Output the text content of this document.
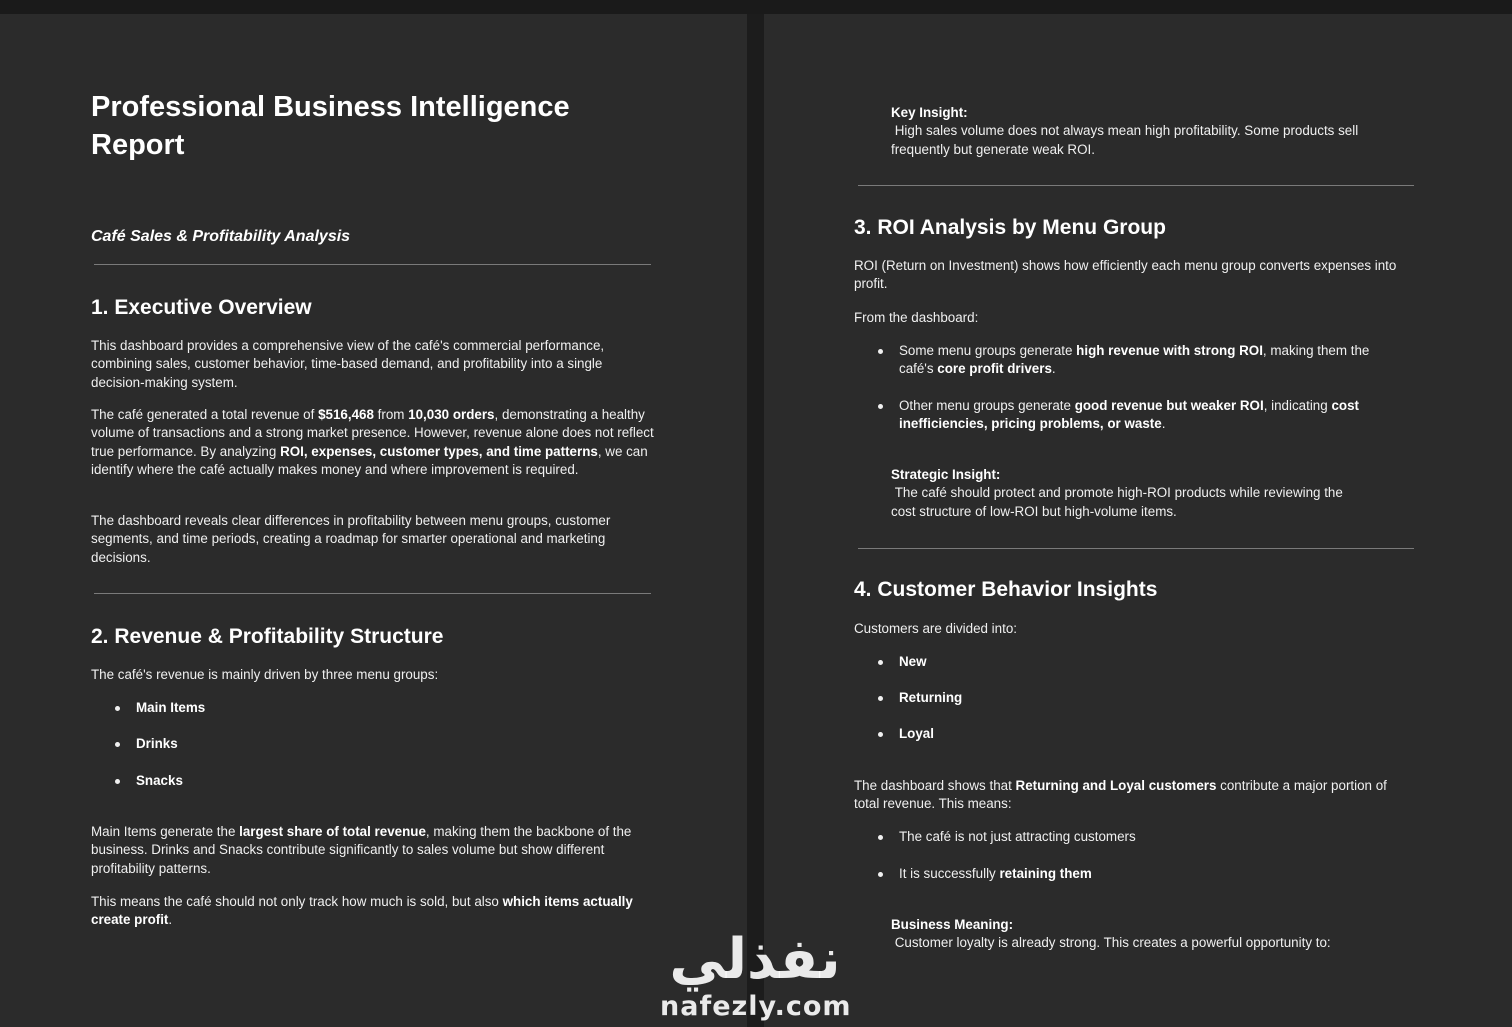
Professional Business Intelligence Report
Café Sales & Profitability Analysis
1. Executive Overview

This dashboard provides a comprehensive view of the café's commercial performance, combining sales, customer behavior, time-based demand, and profitability into a single decision-making system.

The café generated a total revenue of $516,468 from 10,030 orders, demonstrating a healthy volume of transactions and a strong market presence. However, revenue alone does not reflect true performance. By analyzing ROI, expenses, customer types, and time patterns, we can identify where the café actually makes money and where improvement is required.

The dashboard reveals clear differences in profitability between menu groups, customer segments, and time periods, creating a roadmap for smarter operational and marketing decisions.

2. Revenue & Profitability Structure

The café's revenue is mainly driven by three menu groups:

Main Items
Drinks
Snacks

Main Items generate the largest share of total revenue, making them the backbone of the business. Drinks and Snacks contribute significantly to sales volume but show different profitability patterns.

This means the café should not only track how much is sold, but also which items actually create profit.

Key Insight:
High sales volume does not always mean high profitability. Some products sell frequently but generate weak ROI.

3. ROI Analysis by Menu Group

ROI (Return on Investment) shows how efficiently each menu group converts expenses into profit.

From the dashboard:

Some menu groups generate high revenue with strong ROI, making them the café's core profit drivers.
Other menu groups generate good revenue but weaker ROI, indicating cost inefficiencies, pricing problems, or waste.

Strategic Insight:
The café should protect and promote high-ROI products while reviewing the cost structure of low-ROI but high-volume items.

4. Customer Behavior Insights

Customers are divided into:

New
Returning
Loyal

The dashboard shows that Returning and Loyal customers contribute a major portion of total revenue. This means:

The café is not just attracting customers
It is successfully retaining them

Business Meaning:
Customer loyalty is already strong. This creates a powerful opportunity to:

نفذلي
nafezly.com
